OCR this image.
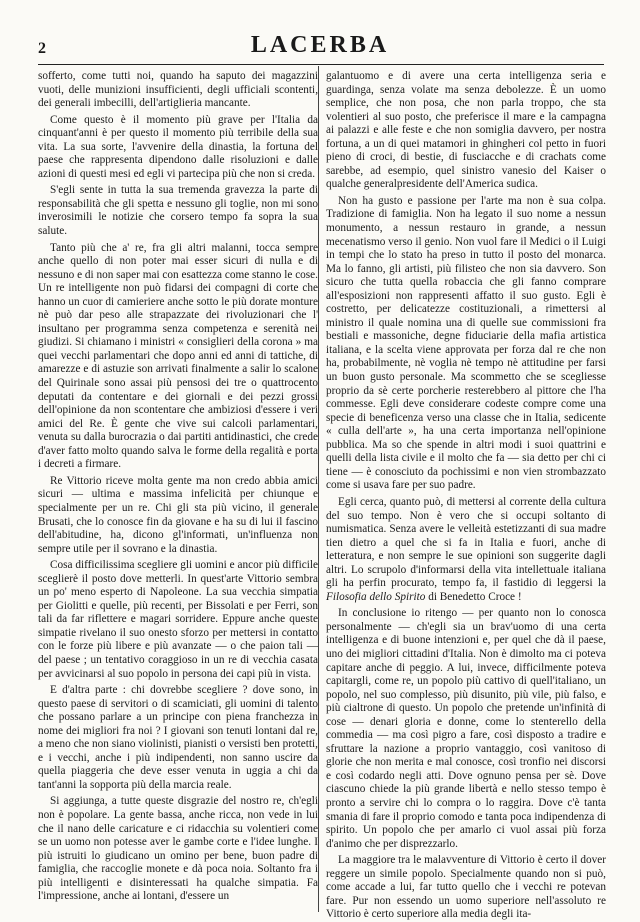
2	LACERBA

sofferto, come tutti noi, quando ha saputo dei magazzini vuoti, delle munizioni insufficienti, degli ufficiali scontenti, dei generali imbecilli, dell'artiglieria mancante.

Come questo è il momento più grave per l'Italia da cinquant'anni è per questo il momento più terribile della sua vita. La sua sorte, l'avvenire della dinastia, la fortuna del paese che rappresenta dipendono dalle risoluzioni e dalle azioni di questi mesi ed egli vi partecipa più che non si creda.

S'egli sente in tutta la sua tremenda gravezza la parte di responsabilità che gli spetta e nessuno gli toglie, non mi sono inverosimili le notizie che corsero tempo fa sopra la sua salute.

Tanto più che a' re, fra gli altri malanni, tocca sempre anche quello di non poter mai esser sicuri di nulla e di nessuno e di non saper mai con esattezza come stanno le cose. Un re intelligente non può fidarsi dei compagni di corte che hanno un cuor di camieriere anche sotto le più dorate monture nè può dar peso alle strapazzate dei rivoluzionari che l' insultano per programma senza competenza e serenità nei giudizi. Si chiamano i ministri « consiglieri della corona » ma quei vecchi parlamentari che dopo anni ed anni di tattiche, di amarezze e di astuzie son arrivati finalmente a salir lo scalone del Quirinale sono assai più pensosi dei tre o quattrocento deputati da contentare e dei giornali e dei pezzi grossi dell'opinione da non scontentare che ambiziosi d'essere i veri amici del Re. È gente che vive sui calcoli parlamentari, venuta su dalla burocrazia o dai partiti antidinastici, che crede d'aver fatto molto quando salva le forme della regalità e porta i decreti a firmare.

Re Vittorio riceve molta gente ma non credo abbia amici sicuri — ultima e massima infelicità per chiunque e specialmente per un re. Chi gli sta più vicino, il generale Brusati, che lo conosce fin da giovane e ha su di lui il fascino dell'abitudine, ha, dicono gl'informati, un'influenza non sempre utile per il sovrano e la dinastia.

Cosa difficilissima scegliere gli uomini e ancor più difficile sceglierè il posto dove metterli. In quest'arte Vittorio sembra un po' meno esperto di Napoleone. La sua vecchia simpatia per Giolitti e quelle, più recenti, per Bissolati e per Ferri, son tali da far riflettere e magari sorridere. Eppure anche queste simpatie rivelano il suo onesto sforzo per mettersi in contatto con le forze più libere e più avanzate — o che paion tali — del paese ; un tentativo coraggioso in un re di vecchia casata per avvicinarsi al suo popolo in persona dei capi più in vista.

E d'altra parte : chi dovrebbe scegliere ? dove sono, in questo paese di servitori o di scamiciati, gli uomini di talento che possano parlare a un principe con piena franchezza in nome dei migliori fra noi ? I giovani son tenuti lontani dal re, a meno che non siano violinisti, pianisti o versisti ben protetti, e i vecchi, anche i più indipendenti, non sanno uscire da quella piaggeria che deve esser venuta in uggia a chi da tant'anni la sopporta più della marcia reale.

Si aggiunga, a tutte queste disgrazie del nostro re, ch'egli non è popolare. La gente bassa, anche ricca, non vede in lui che il nano delle caricature e ci ridacchia su volentieri come se un uomo non potesse aver le gambe corte e l'idee lunghe. I più istruiti lo giudicano un omino per bene, buon padre di famiglia, che raccoglie monete e dà poca noia. Soltanto fra i più intelligenti e disinteressati ha qualche simpatia. Fa l'impressione, anche ai lontani, d'essere un

galantuomo e di avere una certa intelligenza seria e guardinga, senza volate ma senza debolezze. È un uomo semplice, che non posa, che non parla troppo, che sta volentieri al suo posto, che preferisce il mare e la campagna ai palazzi e alle feste e che non somiglia davvero, per nostra fortuna, a un di quei matamori in ghingheri col petto in fuori pieno di croci, di bestie, di fusciacche e di crachats come sarebbe, ad esempio, quel sinistro vanesio del Kaiser o qualche generalpresidente dell'America sudica.

Non ha gusto e passione per l'arte ma non è sua colpa. Tradizione di famiglia. Non ha legato il suo nome a nessun monumento, a nessun restauro in grande, a nessun mecenatismo verso il genio. Non vuol fare il Medici o il Luigi in tempi che lo stato ha preso in tutto il posto del monarca. Ma lo fanno, gli artisti, più filisteo che non sia davvero. Son sicuro che tutta quella robaccia che gli fanno comprare all'esposizioni non rappresenti affatto il suo gusto. Egli è costretto, per delicatezze costituzionali, a rimettersi al ministro il quale nomina una di quelle sue commissioni fra bestiali e massoniche, degne fiduciarie della mafia artistica italiana, e la scelta viene approvata per forza dal re che non ha, probabilmente, nè voglia nè tempo nè attitudine per farsi un buon gusto personale. Ma scommetto che se scegliesse proprio da sè certe porcherie resterebbero al pittore che l'ha commesse. Egli deve considerare codeste compre come una specie di beneficenza verso una classe che in Italia, sedicente « culla dell'arte », ha una certa importanza nell'opinione pubblica. Ma so che spende in altri modi i suoi quattrini e quelli della lista civile e il molto che fa — sia detto per chi ci tiene — è conosciuto da pochissimi e non vien strombazzato come si usava fare per suo padre.

Egli cerca, quanto può, di mettersi al corrente della cultura del suo tempo. Non è vero che si occupi soltanto di numismatica. Senza avere le velleità estetizzanti di sua madre tien dietro a quel che si fa in Italia e fuori, anche di letteratura, e non sempre le sue opinioni son suggerite dagli altri. Lo scrupolo d'informarsi della vita intellettuale italiana gli ha perfin procurato, tempo fa, il fastidio di leggersi la Filosofia dello Spirito di Benedetto Croce !

In conclusione io ritengo — per quanto non lo conosca personalmente — ch'egli sia un brav'uomo di una certa intelligenza e di buone intenzioni e, per quel che dà il paese, uno dei migliori cittadini d'Italia. Non è dimolto ma ci poteva capitare anche di peggio. A lui, invece, difficilmente poteva capitargli, come re, un popolo più cattivo di quell'italiano, un popolo, nel suo complesso, più disunito, più vile, più falso, e più cialtrone di questo. Un popolo che pretende un'infinità di cose — denari gloria e donne, come lo stenterello della commedia — ma così pigro a fare, così disposto a tradire e sfruttare la nazione a proprio vantaggio, così vanitoso di glorie che non merita e mal conosce, così tronfio nei discorsi e così codardo negli atti. Dove ognuno pensa per sè. Dove ciascuno chiede la più grande libertà e nello stesso tempo è pronto a servire chi lo compra o lo raggira. Dove c'è tanta smania di fare il proprio comodo e tanta poca indipendenza di spirito. Un popolo che per amarlo ci vuol assai più forza d'animo che per disprezzarlo.

La maggiore tra le malavventure di Vittorio è certo il dover reggere un simile popolo. Specialmente quando non si può, come accade a lui, far tutto quello che i vecchi re potevan fare. Pur non essendo un uomo superiore nell'assoluto re Vittorio è certo superiore alla media degli ita-
